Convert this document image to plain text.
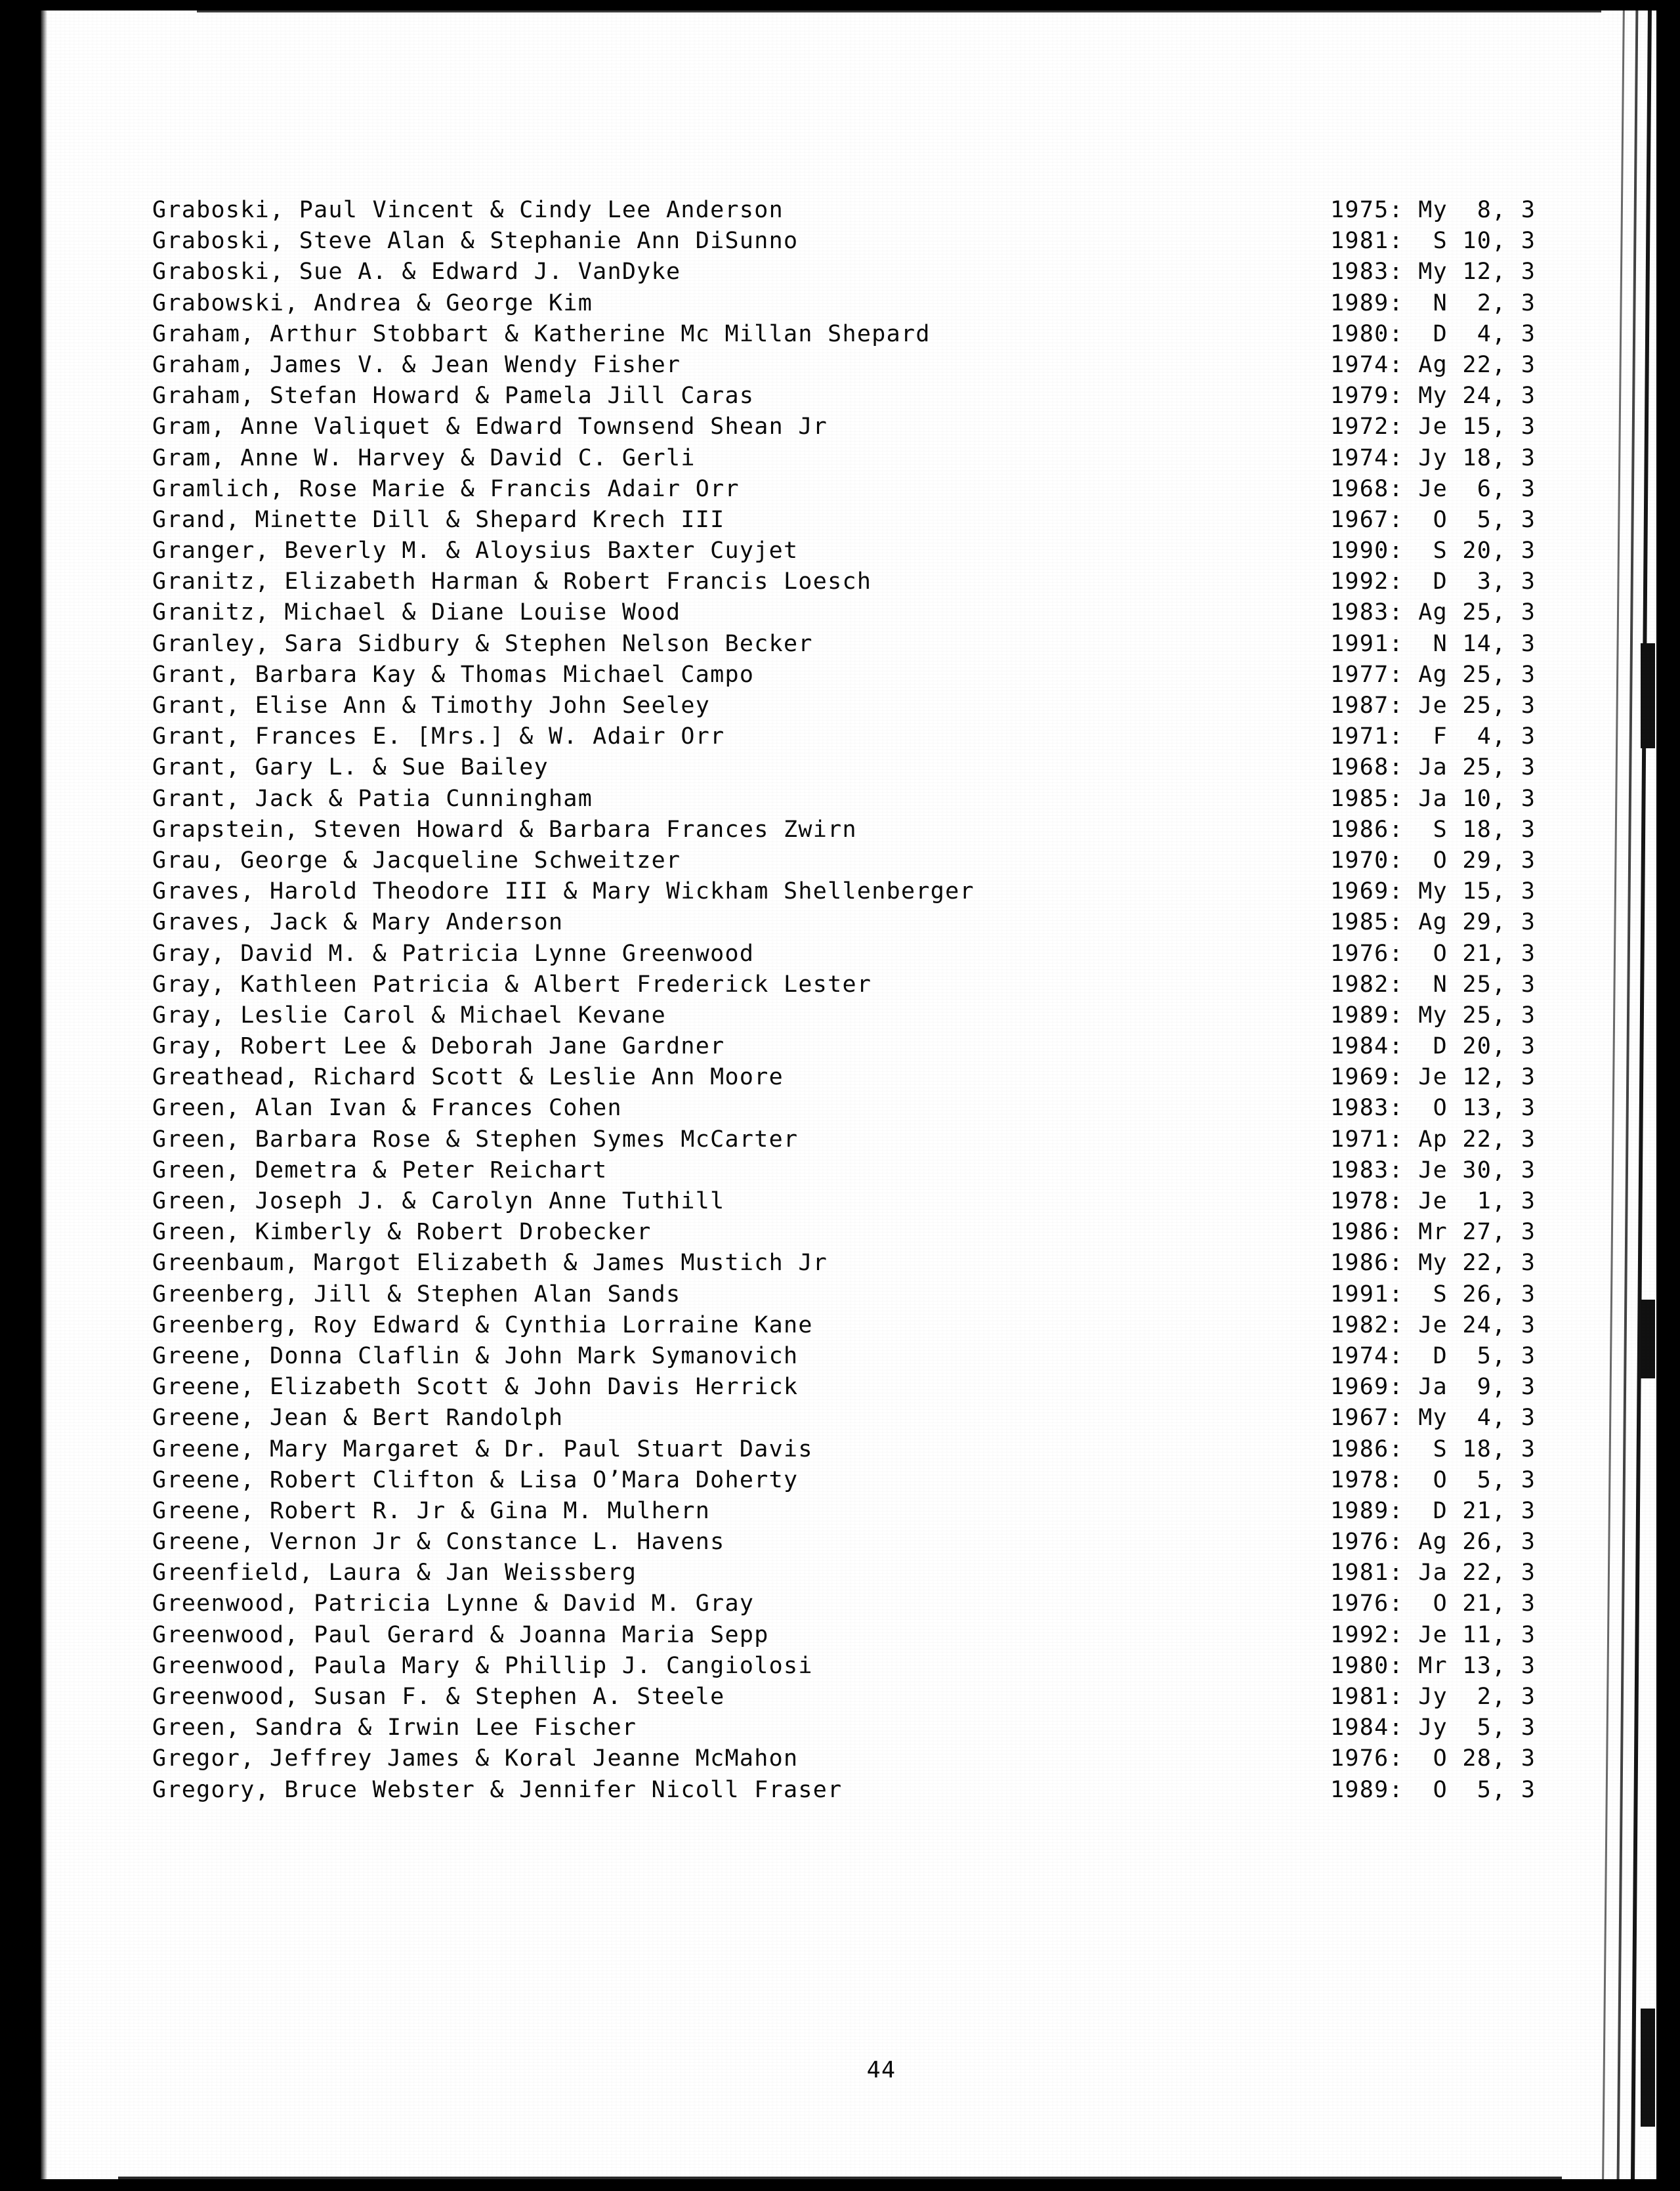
Graboski, Paul Vincent & Cindy Lee Anderson	1975: My  8, 3
Graboski, Steve Alan & Stephanie Ann DiSunno	1981:  S 10, 3
Graboski, Sue A. & Edward J. VanDyke	1983: My 12, 3
Grabowski, Andrea & George Kim	1989:  N  2, 3
Graham, Arthur Stobbart & Katherine Mc Millan Shepard	1980:  D  4, 3
Graham, James V. & Jean Wendy Fisher	1974: Ag 22, 3
Graham, Stefan Howard & Pamela Jill Caras	1979: My 24, 3
Gram, Anne Valiquet & Edward Townsend Shean Jr	1972: Je 15, 3
Gram, Anne W. Harvey & David C. Gerli	1974: Jy 18, 3
Gramlich, Rose Marie & Francis Adair Orr	1968: Je  6, 3
Grand, Minette Dill & Shepard Krech III	1967:  O  5, 3
Granger, Beverly M. & Aloysius Baxter Cuyjet	1990:  S 20, 3
Granitz, Elizabeth Harman & Robert Francis Loesch	1992:  D  3, 3
Granitz, Michael & Diane Louise Wood	1983: Ag 25, 3
Granley, Sara Sidbury & Stephen Nelson Becker	1991:  N 14, 3
Grant, Barbara Kay & Thomas Michael Campo	1977: Ag 25, 3
Grant, Elise Ann & Timothy John Seeley	1987: Je 25, 3
Grant, Frances E. [Mrs.] & W. Adair Orr	1971:  F  4, 3
Grant, Gary L. & Sue Bailey	1968: Ja 25, 3
Grant, Jack & Patia Cunningham	1985: Ja 10, 3
Grapstein, Steven Howard & Barbara Frances Zwirn	1986:  S 18, 3
Grau, George & Jacqueline Schweitzer	1970:  O 29, 3
Graves, Harold Theodore III & Mary Wickham Shellenberger	1969: My 15, 3
Graves, Jack & Mary Anderson	1985: Ag 29, 3
Gray, David M. & Patricia Lynne Greenwood	1976:  O 21, 3
Gray, Kathleen Patricia & Albert Frederick Lester	1982:  N 25, 3
Gray, Leslie Carol & Michael Kevane	1989: My 25, 3
Gray, Robert Lee & Deborah Jane Gardner	1984:  D 20, 3
Greathead, Richard Scott & Leslie Ann Moore	1969: Je 12, 3
Green, Alan Ivan & Frances Cohen	1983:  O 13, 3
Green, Barbara Rose & Stephen Symes McCarter	1971: Ap 22, 3
Green, Demetra & Peter Reichart	1983: Je 30, 3
Green, Joseph J. & Carolyn Anne Tuthill	1978: Je  1, 3
Green, Kimberly & Robert Drobecker	1986: Mr 27, 3
Greenbaum, Margot Elizabeth & James Mustich Jr	1986: My 22, 3
Greenberg, Jill & Stephen Alan Sands	1991:  S 26, 3
Greenberg, Roy Edward & Cynthia Lorraine Kane	1982: Je 24, 3
Greene, Donna Claflin & John Mark Symanovich	1974:  D  5, 3
Greene, Elizabeth Scott & John Davis Herrick	1969: Ja  9, 3
Greene, Jean & Bert Randolph	1967: My  4, 3
Greene, Mary Margaret & Dr. Paul Stuart Davis	1986:  S 18, 3
Greene, Robert Clifton & Lisa O’Mara Doherty	1978:  O  5, 3
Greene, Robert R. Jr & Gina M. Mulhern	1989:  D 21, 3
Greene, Vernon Jr & Constance L. Havens	1976: Ag 26, 3
Greenfield, Laura & Jan Weissberg	1981: Ja 22, 3
Greenwood, Patricia Lynne & David M. Gray	1976:  O 21, 3
Greenwood, Paul Gerard & Joanna Maria Sepp	1992: Je 11, 3
Greenwood, Paula Mary & Phillip J. Cangiolosi	1980: Mr 13, 3
Greenwood, Susan F. & Stephen A. Steele	1981: Jy  2, 3
Green, Sandra & Irwin Lee Fischer	1984: Jy  5, 3
Gregor, Jeffrey James & Koral Jeanne McMahon	1976:  O 28, 3
Gregory, Bruce Webster & Jennifer Nicoll Fraser	1989:  O  5, 3
44
